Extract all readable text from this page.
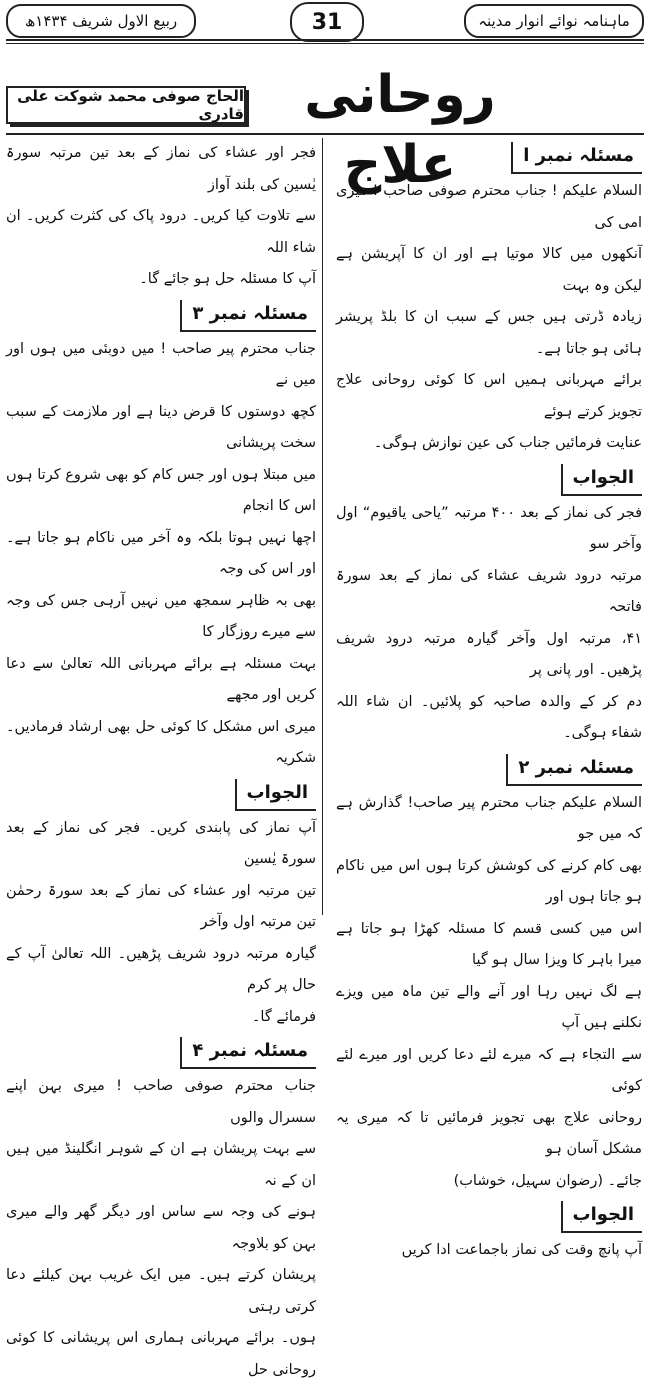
ربیع الاول شریف ۱۴۳۴ھ	31	ماہنامہ نوائے انوار مدینہ
روحانی علاج
الحاج صوفی محمد شوکت علی قادری
مسئلہ نمبر ا

السلام علیکم ! جناب محترم صوفی صاحب ! میری امی کی

آنکھوں میں کالا موتیا ہے اور ان کا آپریشن ہے لیکن وہ بہت

زیادہ ڈرتی ہیں جس کے سبب ان کا بلڈ پریشر ہائی ہو جاتا ہے۔

برائے مہربانی ہمیں اس کا کوئی روحانی علاج تجویز کرتے ہوئے

عنایت فرمائیں جناب کی عین نوازش ہوگی۔

الجواب

فجر کی نماز کے بعد ۴۰۰ مرتبہ ”یاحی یاقیوم“ اول وآخر سو

مرتبہ درود شریف عشاء کی نماز کے بعد سورۃ فاتحہ

۴۱، مرتبہ اول وآخر گیارہ مرتبہ درود شریف پڑھیں۔ اور پانی پر

دم کر کے والدہ صاحبہ کو پلائیں۔ ان شاء اللہ شفاء ہوگی۔

مسئلہ نمبر ۲

السلام علیکم جناب محترم پیر صاحب! گذارش ہے کہ میں جو

بھی کام کرنے کی کوشش کرتا ہوں اس میں ناکام ہو جاتا ہوں اور

اس میں کسی قسم کا مسئلہ کھڑا ہو جاتا ہے میرا باہر کا ویزا سال ہو گیا

ہے لگ نہیں رہا اور آنے والے تین ماہ میں ویزے نکلنے ہیں آپ

سے التجاء ہے کہ میرے لئے دعا کریں اور میرے لئے کوئی

روحانی علاج بھی تجویز فرمائیں تا کہ میری یہ مشکل آسان ہو

جائے۔ (رضوان سہیل، خوشاب)

الجواب

آپ پانچ وقت کی نماز باجماعت ادا کریں

فجر اور عشاء کی نماز کے بعد تین مرتبہ سورۃ یٰسین کی بلند آواز

سے تلاوت کیا کریں۔ درود پاک کی کثرت کریں۔ ان شاء اللہ

آپ کا مسئلہ حل ہو جائے گا۔

مسئلہ نمبر ۳

جناب محترم پیر صاحب ! میں دوبئی میں ہوں اور میں نے

کچھ دوستوں کا قرض دینا ہے اور ملازمت کے سبب سخت پریشانی

میں مبتلا ہوں اور جس کام کو بھی شروع کرتا ہوں اس کا انجام

اچھا نہیں ہوتا بلکہ وہ آخر میں ناکام ہو جاتا ہے۔ اور اس کی وجہ

بھی بہ ظاہر سمجھ میں نہیں آرہی جس کی وجہ سے میرے روزگار کا

بہت مسئلہ ہے برائے مہربانی اللہ تعالیٰ سے دعا کریں اور مجھے

میری اس مشکل کا کوئی حل بھی ارشاد فرمادیں۔ شکریہ

الجواب

آپ نماز کی پابندی کریں۔ فجر کی نماز کے بعد سورۃ یٰسین

تین مرتبہ اور عشاء کی نماز کے بعد سورۃ رحمٰن تین مرتبہ اول وآخر

گیارہ مرتبہ درود شریف پڑھیں۔ اللہ تعالیٰ آپ کے حال پر کرم

فرمائے گا۔

مسئلہ نمبر ۴

جناب محترم صوفی صاحب ! میری بہن اپنے سسرال والوں

سے بہت پریشان ہے ان کے شوہر انگلینڈ میں ہیں ان کے نہ

ہونے کی وجہ سے ساس اور دیگر گھر والے میری بہن کو بلاوجہ

پریشان کرتے ہیں۔ میں ایک غریب بہن کیلئے دعا کرتی رہتی

ہوں۔ برائے مہربانی ہماری اس پریشانی کا کوئی روحانی حل
